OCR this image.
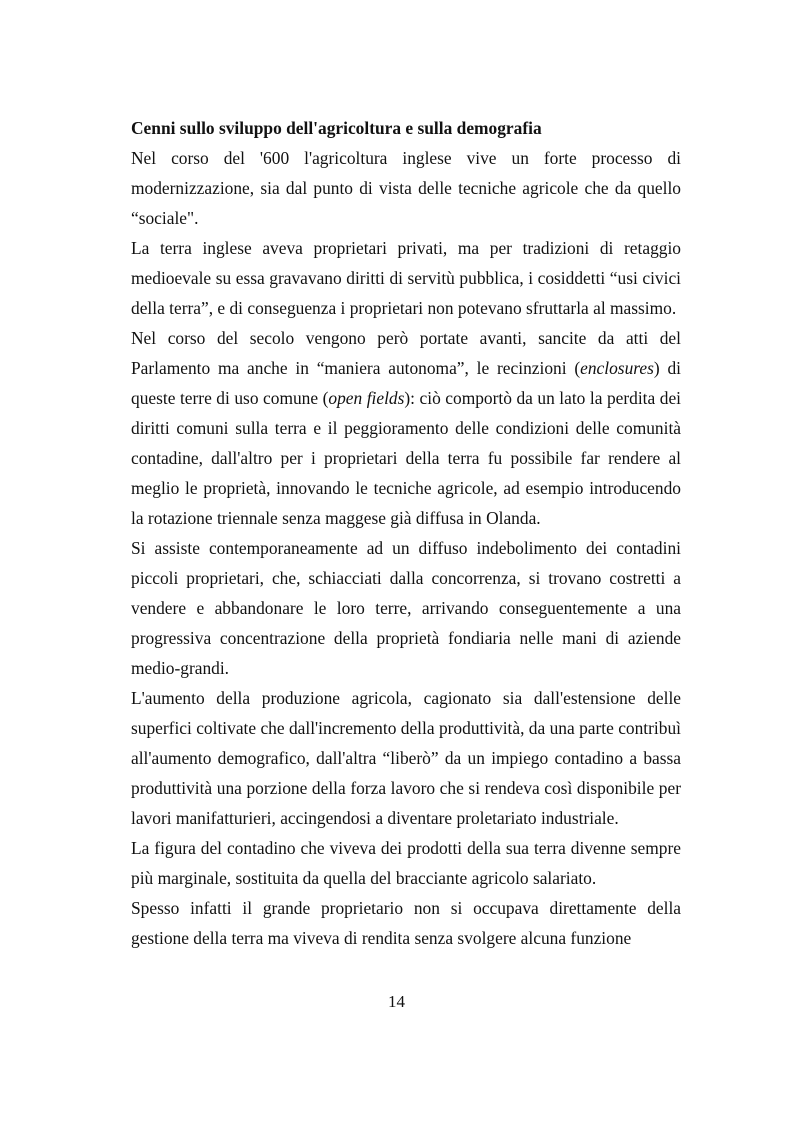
Cenni sullo sviluppo dell'agricoltura e sulla demografia

Nel corso del '600 l'agricoltura inglese vive un forte processo di modernizzazione, sia dal punto di vista delle tecniche agricole che da quello “sociale".

La terra inglese aveva proprietari privati, ma per tradizioni di retaggio medioevale su essa gravavano diritti di servitù pubblica, i cosiddetti “usi civici della terra”, e di conseguenza i proprietari non potevano sfruttarla al massimo.

Nel corso del secolo vengono però portate avanti, sancite da atti del Parlamento ma anche in “maniera autonoma”, le recinzioni (enclosures) di queste terre di uso comune (open fields): ciò comportò da un lato la perdita dei diritti comuni sulla terra e il peggioramento delle condizioni delle comunità contadine, dall'altro per i proprietari della terra fu possibile far rendere al meglio le proprietà, innovando le tecniche agricole, ad esempio introducendo la rotazione triennale senza maggese già diffusa in Olanda.

Si assiste contemporaneamente ad un diffuso indebolimento dei contadini piccoli proprietari, che, schiacciati dalla concorrenza, si trovano costretti a vendere e abbandonare le loro terre, arrivando conseguentemente a una progressiva concentrazione della proprietà fondiaria nelle mani di aziende medio-grandi.

L'aumento della produzione agricola, cagionato sia dall'estensione delle superfici coltivate che dall'incremento della produttività, da una parte contribuì all'aumento demografico, dall'altra “liberò” da un impiego contadino a bassa produttività una porzione della forza lavoro che si rendeva così disponibile per lavori manifatturieri, accingendosi a diventare proletariato industriale.

La figura del contadino che viveva dei prodotti della sua terra divenne sempre più marginale, sostituita da quella del bracciante agricolo salariato.

Spesso infatti il grande proprietario non si occupava direttamente della gestione della terra ma viveva di rendita senza svolgere alcuna funzione

14
